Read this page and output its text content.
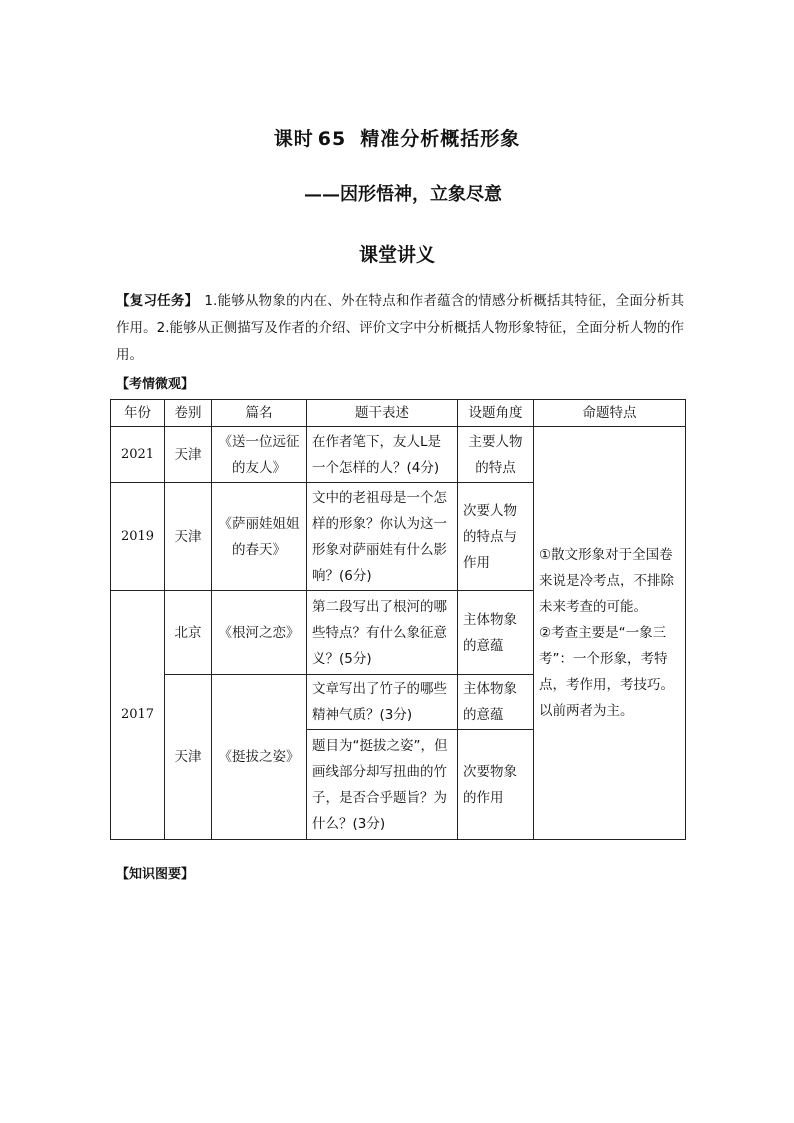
课时 65 精准分析概括形象
——因形悟神，立象尽意
课堂讲义
【复习任务】 1.能够从物象的内在、外在特点和作者蕴含的情感分析概括其特征，全面分析其作用。2.能够从正侧描写及作者的介绍、评价文字中分析概括人物形象特征，全面分析人物的作用。
【考情微观】
年份	卷别	篇名	题干表述	设题角度	命题特点
2021	天津	《送一位远征的友人》	在作者笔下，友人L是一个怎样的人？(4分)	主要人物的特点	①散文形象对于全国卷来说是冷考点，不排除未来考查的可能。
②考查主要是“一象三考”：一个形象，考特点，考作用，考技巧。以前两者为主。

2019	天津	《萨丽娃姐姐的春天》	文中的老祖母是一个怎样的形象？你认为这一形象对萨丽娃有什么影响？(6分)	次要人物的特点与作用	
2017	北京	《根河之恋》	第二段写出了根河的哪些特点？有什么象征意义？(5分)	主体物象的意蕴	
	天津	《挺拔之姿》	文章写出了竹子的哪些精神气质？(3分)	主体物象的意蕴	
			题目为“挺拔之姿”，但画线部分却写扭曲的竹子，是否合乎题旨？为什么？(3分)	次要物象的作用	
【知识图要】
